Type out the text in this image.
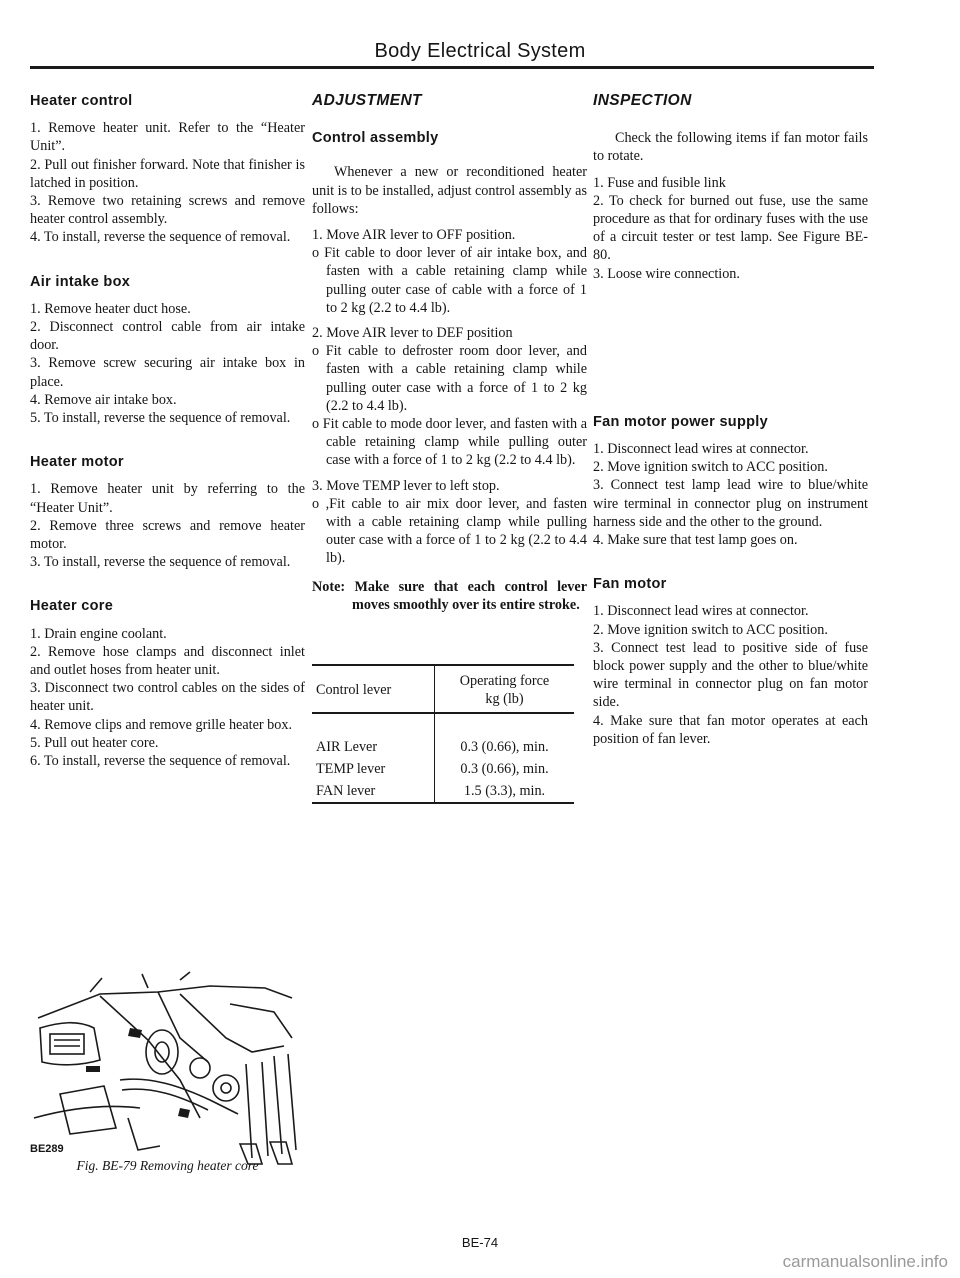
Body Electrical System
Heater control

1. Remove heater unit. Refer to the “Heater Unit”.

2. Pull out finisher forward. Note that finisher is latched in position.

3. Remove two retaining screws and remove heater control assembly.

4. To install, reverse the sequence of removal.

Air intake box

1. Remove heater duct hose.

2. Disconnect control cable from air intake door.

3. Remove screw securing air intake box in place.

4. Remove air intake box.

5. To install, reverse the sequence of removal.

Heater motor

1. Remove heater unit by referring to the “Heater Unit”.

2. Remove three screws and remove heater motor.

3. To install, reverse the sequence of removal.

Heater core

1. Drain engine coolant.

2. Remove hose clamps and disconnect inlet and outlet hoses from heater unit.

3. Disconnect two control cables on the sides of heater unit.

4. Remove clips and remove grille heater box.

5. Pull out heater core.

6. To install, reverse the sequence of removal.

BE289
Fig. BE-79 Removing heater core
ADJUSTMENT
Control assembly

Whenever a new or reconditioned heater unit is to be installed, adjust control assembly as follows:

1. Move AIR lever to OFF position.

o Fit cable to door lever of air intake box, and fasten with a cable retaining clamp while pulling outer case of cable with a force of 1 to 2 kg (2.2 to 4.4 lb).

2. Move AIR lever to DEF position

o Fit cable to defroster room door lever, and fasten with a cable retaining clamp while pulling outer case with a force of 1 to 2 kg (2.2 to 4.4 lb).

o Fit cable to mode door lever, and fasten with a cable retaining clamp while pulling outer case with a force of 1 to 2 kg (2.2 to 4.4 lb).

3. Move TEMP lever to left stop.

o ,Fit cable to air mix door lever, and fasten with a cable retaining clamp while pulling outer case with a force of 1 to 2 kg (2.2 to 4.4 lb).

Note: Make sure that each control lever moves smoothly over its entire stroke.

Control lever	Operating force
kg (lb)

AIR Lever	0.3 (0.66), min.
TEMP lever	0.3 (0.66), min.
FAN lever	1.5 (3.3), min.
INSPECTION

Check the following items if fan motor fails to rotate.

1. Fuse and fusible link

2. To check for burned out fuse, use the same procedure as that for ordinary fuses with the use of a circuit tester or test lamp. See Figure BE-80.

3. Loose wire connection.

Fan motor power supply

1. Disconnect lead wires at connector.

2. Move ignition switch to ACC position.

3. Connect test lamp lead wire to blue/white wire terminal in connector plug on instrument harness side and the other to the ground.

4. Make sure that test lamp goes on.

Fan motor

1. Disconnect lead wires at connector.

2. Move ignition switch to ACC position.

3. Connect test lead to positive side of fuse block power supply and the other to blue/white wire terminal in connector plug on fan motor side.

4. Make sure that fan motor operates at each position of fan lever.

BE-74
carmanualsonline.info
